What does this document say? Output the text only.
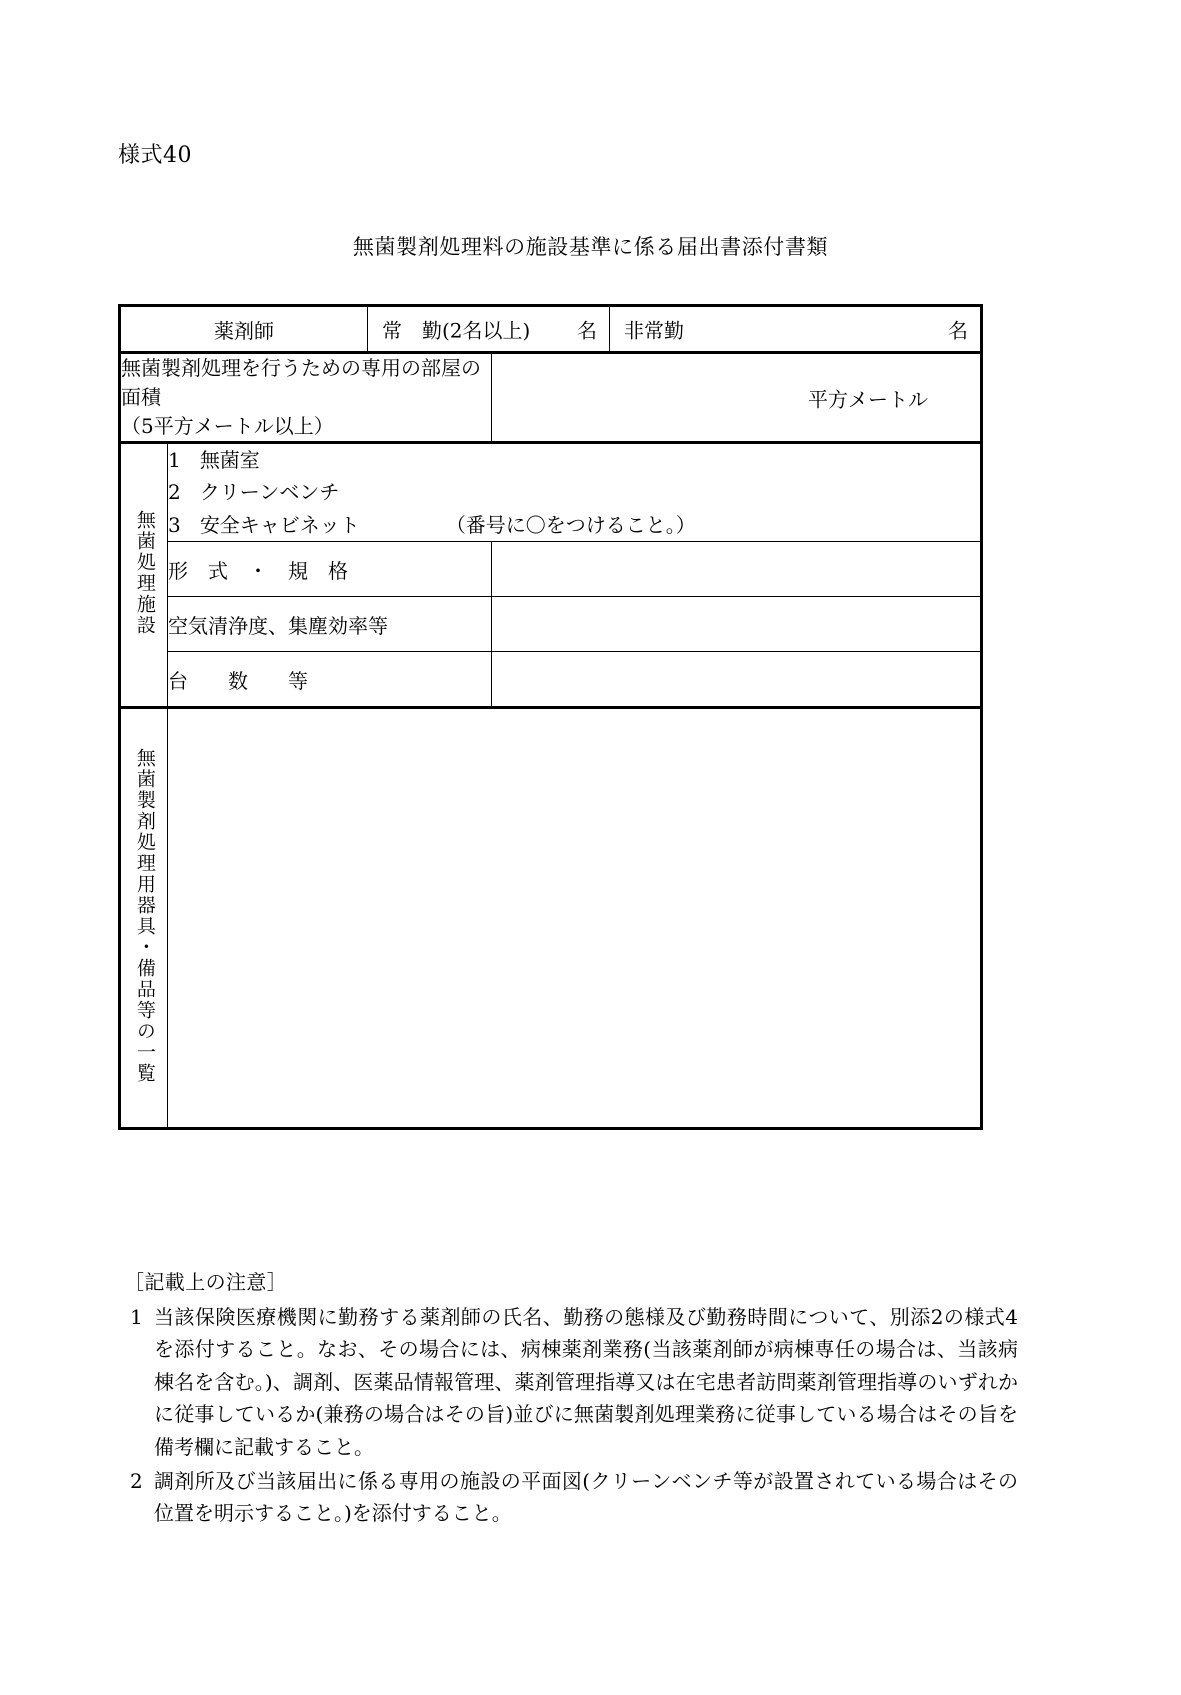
様式40
無菌製剤処理料の施設基準に係る届出書添付書類
薬剤師		常　勤(2名以上) 名		非常勤 名

無菌製剤処理を行うための専用の部屋の面積
（5平方メートル以上）			平方メートル	

無菌処理施設	1 無菌室
2 クリーンベンチ
3 安全キャビネット （番号に〇をつけること。）			

	形　式　・　規　格			

	空気清浄度、集塵効率等			

	台　　数　　等			

無菌製剤処理用器具・備品等の一覧				
［記載上の注意］
1 当該保険医療機関に勤務する薬剤師の氏名、勤務の態様及び勤務時間について、別添2の様式4を添付すること。なお、その場合には、病棟薬剤業務(当該薬剤師が病棟専任の場合は、当該病棟名を含む。)、調剤、医薬品情報管理、薬剤管理指導又は在宅患者訪問薬剤管理指導のいずれかに従事しているか(兼務の場合はその旨)並びに無菌製剤処理業務に従事している場合はその旨を備考欄に記載すること。
2 調剤所及び当該届出に係る専用の施設の平面図(クリーンベンチ等が設置されている場合はその位置を明示すること。)を添付すること。
